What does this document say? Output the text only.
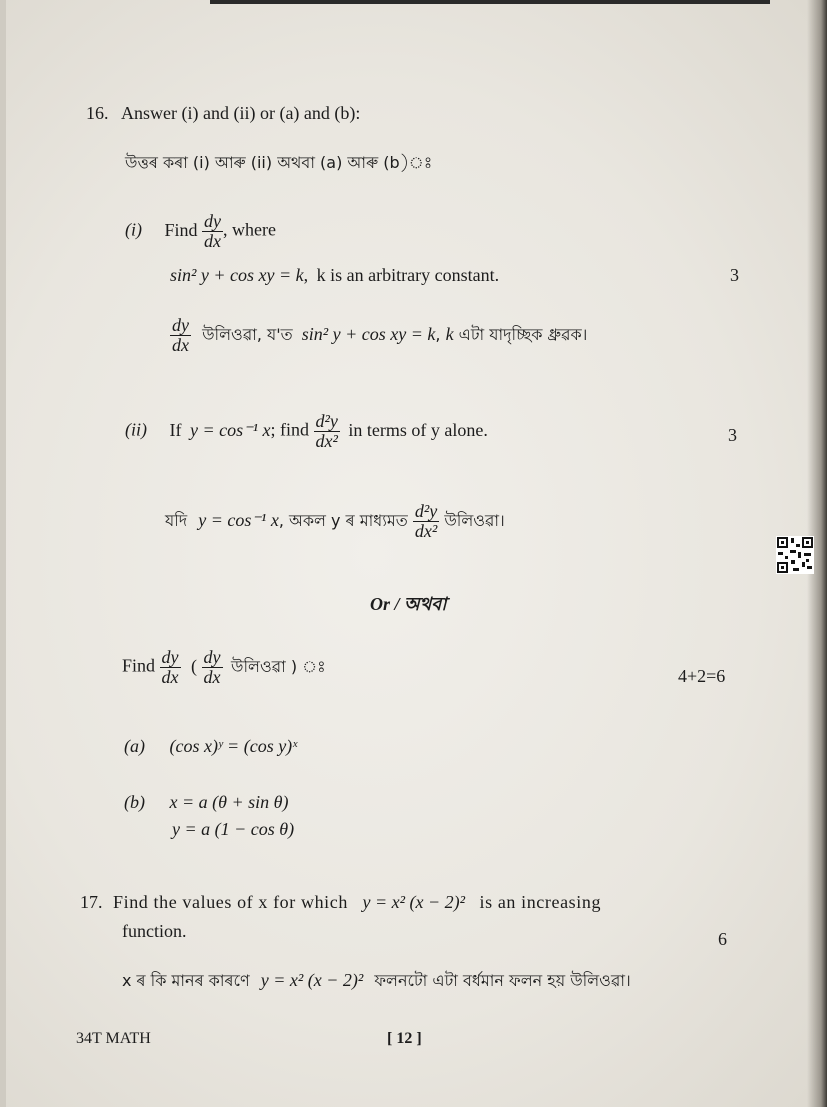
16. Answer (i) and (ii) or (a) and (b):
উত্তৰ কৰা (i) আৰু (ii) অথবা (a) আৰু (b)ঃ
(i) Find $\frac{dy}{dx}$ , where
sin² y + cos xy = k, k is an arbitrary constant.	3
$\frac{dy}{dx}$ উলিওৱা, য'ত sin² y + cos xy = k, k এটা যাদৃচ্ছিক ধ্ৰুৱক।
(ii) If y = cos⁻¹ x; find $\frac{\text{d²y}}{\text{dx²}}$ in terms of y alone.	3
যদি y = cos⁻¹ x, অকল y ৰ মাধ্যমত $\frac{\text{d²y}}{\text{dx²}}$ উলিওৱা।
Or / অথবা
Find $\frac{dy}{dx}$ ( $\frac{dy}{dx}$ উলিওৱা ) ঃ	4+2=6
(a) (cos x)ʸ = (cos y)ˣ
(b) x = a (θ + sin θ)
y = a (1 − cos θ)
17. Find the values of x for which y = x² (x − 2)² is an increasing
function.	6
x ৰ কি মানৰ কাৰণে y = x² (x − 2)² ফলনটো এটা বৰ্ধমান ফলন হয় উলিওৱা।
34T MATH	[ 12 ]
